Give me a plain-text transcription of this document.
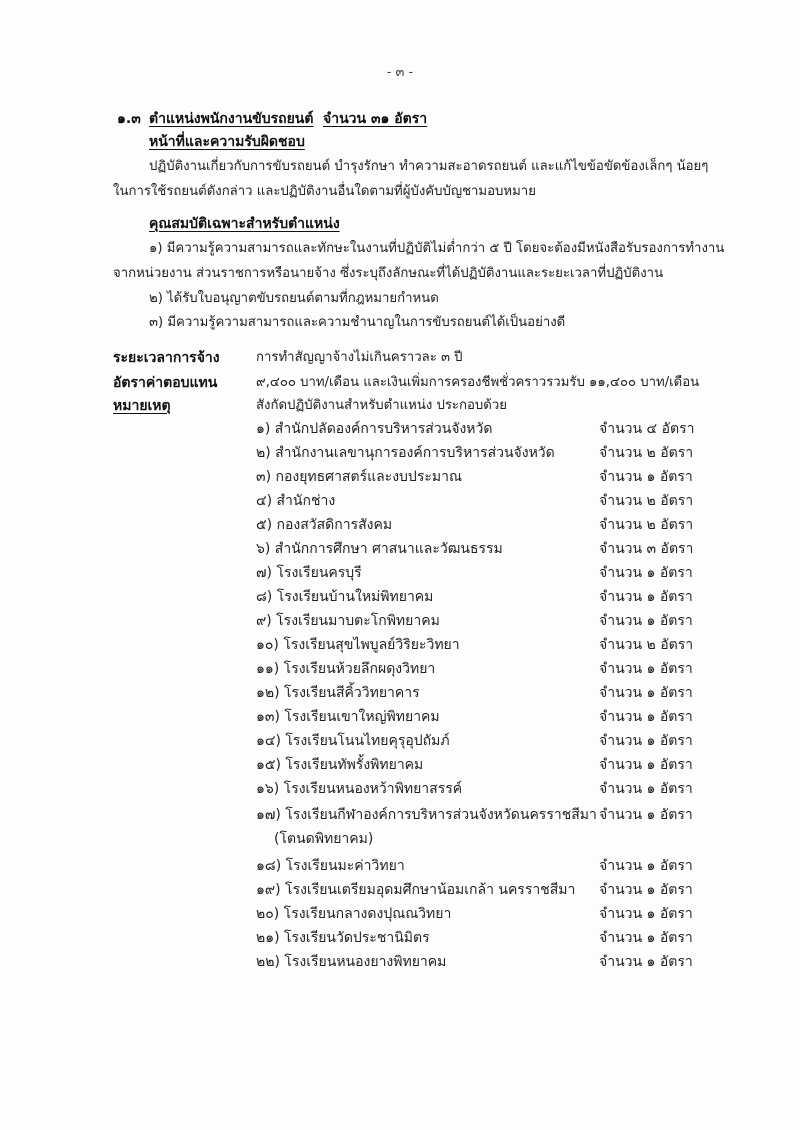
- ๓ -
๑.๓ ตำแหน่งพนักงานขับรถยนต์ จำนวน ๓๑ อัตรา
หน้าที่และความรับผิดชอบ
ปฏิบัติงานเกี่ยวกับการขับรถยนต์ บำรุงรักษา ทำความสะอาดรถยนต์ และแก้ไขข้อขัดข้องเล็กๆ น้อยๆ
ในการใช้รถยนต์ดังกล่าว และปฏิบัติงานอื่นใดตามที่ผู้บังคับบัญชามอบหมาย
คุณสมบัติเฉพาะสำหรับตำแหน่ง
๑) มีความรู้ความสามารถและทักษะในงานที่ปฏิบัติไม่ต่ำกว่า ๕ ปี โดยจะต้องมีหนังสือรับรองการทำงาน
จากหน่วยงาน ส่วนราชการหรือนายจ้าง ซึ่งระบุถึงลักษณะที่ได้ปฏิบัติงานและระยะเวลาที่ปฏิบัติงาน
๒) ได้รับใบอนุญาตขับรถยนต์ตามที่กฎหมายกำหนด
๓) มีความรู้ความสามารถและความชำนาญในการขับรถยนต์ได้เป็นอย่างดี
ระยะเวลาการจ้าง	การทำสัญญาจ้างไม่เกินคราวละ ๓ ปี
อัตราค่าตอบแทน	๙,๔๐๐ บาท/เดือน และเงินเพิ่มการครองชีพชั่วคราวรวมรับ ๑๑,๔๐๐ บาท/เดือน
หมายเหตุ	สังกัดปฏิบัติงานสำหรับตำแหน่ง ประกอบด้วย
๑) สำนักปลัดองค์การบริหารส่วนจังหวัด	จำนวน ๔ อัตรา
๒) สำนักงานเลขานุการองค์การบริหารส่วนจังหวัด	จำนวน ๒ อัตรา
๓) กองยุทธศาสตร์และงบประมาณ	จำนวน ๑ อัตรา
๔) สำนักช่าง	จำนวน ๒ อัตรา
๕) กองสวัสดิการสังคม	จำนวน ๒ อัตรา
๖) สำนักการศึกษา ศาสนาและวัฒนธรรม	จำนวน ๓ อัตรา
๗) โรงเรียนครบุรี	จำนวน ๑ อัตรา
๘) โรงเรียนบ้านใหม่พิทยาคม	จำนวน ๑ อัตรา
๙) โรงเรียนมาบตะโกพิทยาคม	จำนวน ๑ อัตรา
๑๐) โรงเรียนสุขไพบูลย์วิริยะวิทยา	จำนวน ๒ อัตรา
๑๑) โรงเรียนห้วยลึกผดุงวิทยา	จำนวน ๑ อัตรา
๑๒) โรงเรียนสีคิ้ววิทยาคาร	จำนวน ๑ อัตรา
๑๓) โรงเรียนเขาใหญ่พิทยาคม	จำนวน ๑ อัตรา
๑๔) โรงเรียนโนนไทยคุรุอุปถัมภ์	จำนวน ๑ อัตรา
๑๕) โรงเรียนทัพรั้งพิทยาคม	จำนวน ๑ อัตรา
๑๖) โรงเรียนหนองหว้าพิทยาสรรค์	จำนวน ๑ อัตรา
๑๗) โรงเรียนกีฬาองค์การบริหารส่วนจังหวัดนครราชสีมา จำนวน ๑ อัตรา
(โตนดพิทยาคม)
๑๘) โรงเรียนมะค่าวิทยา	จำนวน ๑ อัตรา
๑๙) โรงเรียนเตรียมอุดมศึกษาน้อมเกล้า นครราชสีมา จำนวน ๑ อัตรา
๒๐) โรงเรียนกลางดงปุณณวิทยา	จำนวน ๑ อัตรา
๒๑) โรงเรียนวัดประชานิมิตร	จำนวน ๑ อัตรา
๒๒) โรงเรียนหนองยางพิทยาคม	จำนวน ๑ อัตรา
